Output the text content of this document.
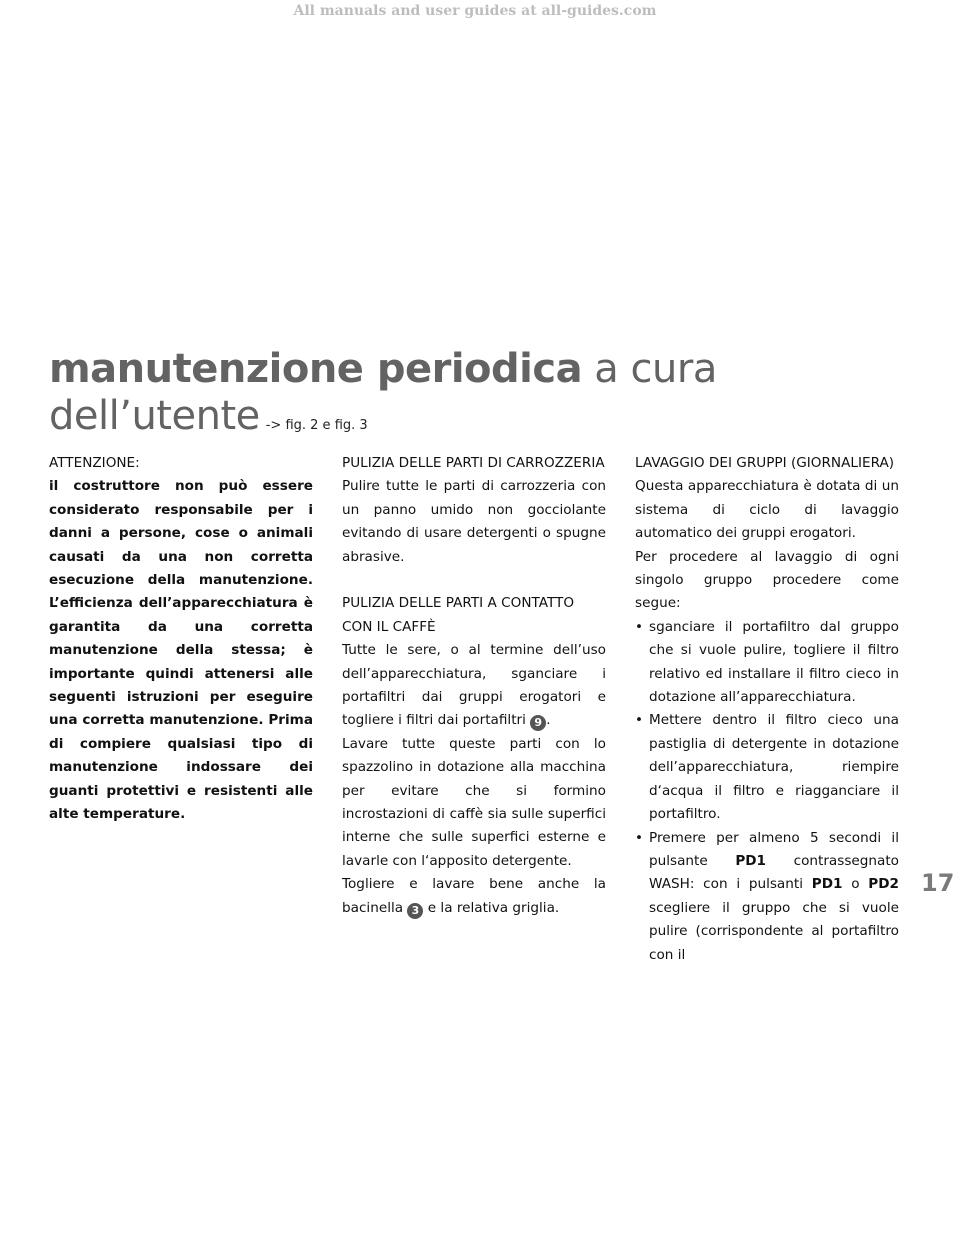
All manuals and user guides at all-guides.com
manutenzione periodica a cura
dell’utente -> fig. 2 e fig. 3

ATTENZIONE:

il costruttore non può essere considerato responsabile per i danni a persone, cose o animali causati da una non corretta esecuzione della manutenzione. L’efficienza dell’apparecchiatura è garantita da una corretta manutenzione della stessa; è importante quindi attenersi alle seguenti istruzioni per eseguire una corretta manutenzione. Prima di compiere qualsiasi tipo di manutenzione indossare dei guanti protettivi e resistenti alle alte temperature.

PULIZIA DELLE PARTI DI CARROZZERIA

Pulire tutte le parti di carrozzeria con un panno umido non gocciolante evitando di usare detergenti o spugne abrasive.

PULIZIA DELLE PARTI A CONTATTO CON IL CAFFÈ

Tutte le sere, o al termine dell’uso dell’apparecchiatura, sganciare i portafiltri dai gruppi erogatori e togliere i filtri dai portafiltri 9 .

Lavare tutte queste parti con lo spazzolino in dotazione alla macchina per evitare che si formino incrostazioni di caffè sia sulle superfici interne che sulle superfici esterne e lavarle con l‘apposito detergente.

Togliere e lavare bene anche la bacinella 3 e la relativa griglia.

LAVAGGIO DEI GRUPPI (GIORNALIERA)

Questa apparecchiatura è dotata di un sistema di ciclo di lavaggio automatico dei gruppi erogatori.

Per procedere al lavaggio di ogni singolo gruppo procedere come segue:

• sganciare il portafiltro dal gruppo che si vuole pulire, togliere il filtro relativo ed installare il filtro cieco in dotazione all’apparecchiatura.
• Mettere dentro il filtro cieco una pastiglia di detergente in dotazione dell’apparecchiatura, riempire d‘acqua il filtro e riagganciare il portafiltro.
• Premere per almeno 5 secondi il pulsante PD1 contrassegnato WASH: con i pulsanti PD1 o PD2 scegliere il gruppo che si vuole pulire (corrispondente al portafiltro con il
17
